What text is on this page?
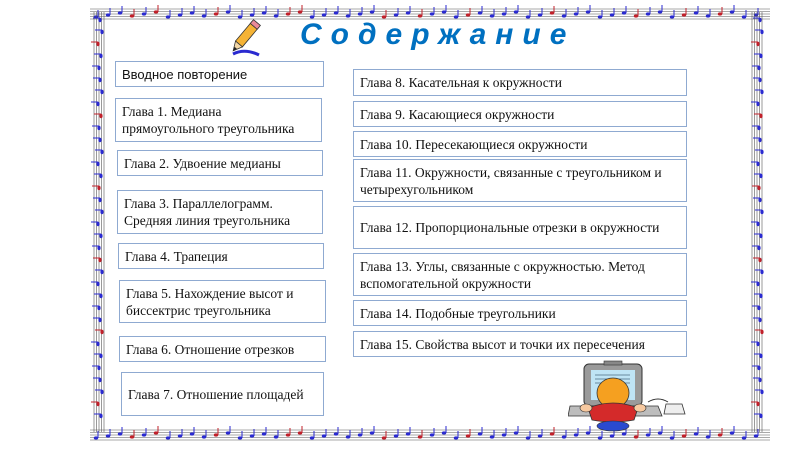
Содержание
Вводное повторение
Глава 1. Медиана прямоугольного треугольника
Глава 2. Удвоение медианы
Глава 3. Параллелограмм. Средняя линия треугольника
Глава 4. Трапеция
Глава 5. Нахождение высот и биссектрис треугольника
Глава 6. Отношение отрезков
Глава 7. Отношение площадей
Глава 8. Касательная к окружности
Глава 9. Касающиеся окружности
Глава 10. Пересекающиеся окружности
Глава 11. Окружности, связанные с треугольником и четырехугольником
Глава 12. Пропорциональные отрезки в окружности
Глава 13. Углы, связанные с окружностью. Метод вспомогательной окружности
Глава 14. Подобные треугольники
Глава 15. Свойства высот и точки их пересечения
